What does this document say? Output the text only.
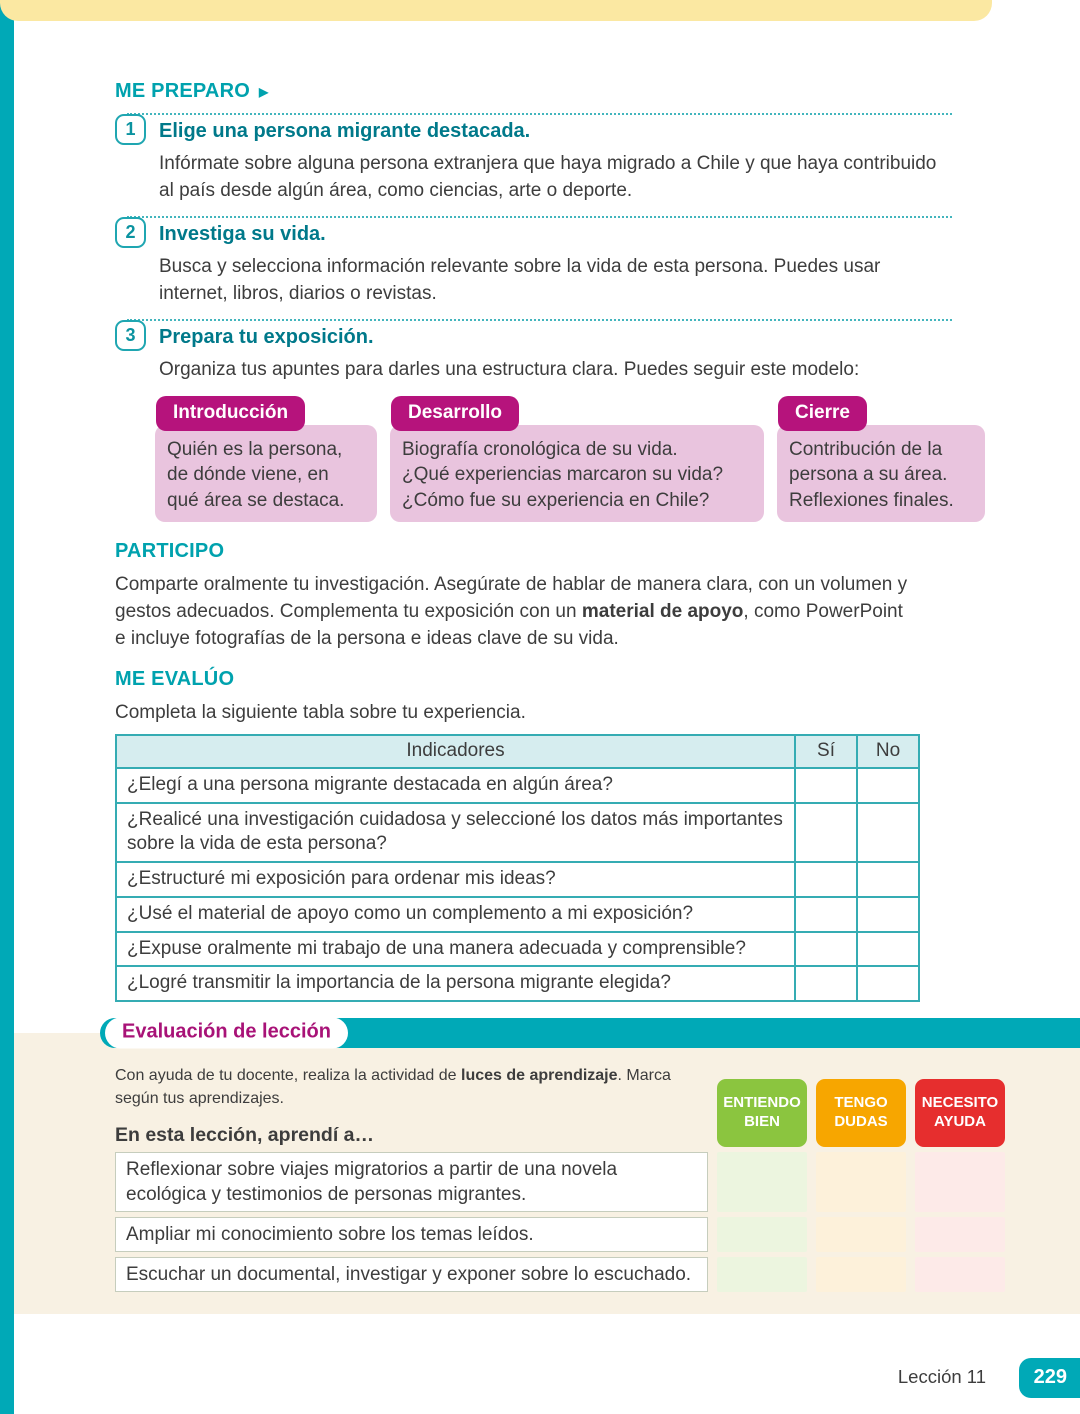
ME PREPARO ▶
1	Elige una persona migrante destacada.
Infórmate sobre alguna persona extranjera que haya migrado a Chile y que haya contribuido al país desde algún área, como ciencias, arte o deporte.
2	Investiga su vida.
Busca y selecciona información relevante sobre la vida de esta persona. Puedes usar internet, libros, diarios o revistas.
3	Prepara tu exposición.
Organiza tus apuntes para darles una estructura clara. Puedes seguir este modelo:
Introducción
Quién es la persona, de dónde viene, en qué área se destaca.
Desarrollo
Biografía cronológica de su vida.
¿Qué experiencias marcaron su vida?
¿Cómo fue su experiencia en Chile?
Cierre
Contribución de la persona a su área. Reflexiones finales.
PARTICIPO

Comparte oralmente tu investigación. Asegúrate de hablar de manera clara, con un volumen y gestos adecuados. Complementa tu exposición con un material de apoyo, como PowerPoint e incluye fotografías de la persona e ideas clave de su vida.

ME EVALÚO

Completa la siguiente tabla sobre tu experiencia.

Indicadores	Sí	No
¿Elegí a una persona migrante destacada en algún área?		
¿Realicé una investigación cuidadosa y seleccioné los datos más importantes sobre la vida de esta persona?		
¿Estructuré mi exposición para ordenar mis ideas?		
¿Usé el material de apoyo como un complemento a mi exposición?		
¿Expuse oralmente mi trabajo de una manera adecuada y comprensible?		
¿Logré transmitir la importancia de la persona migrante elegida?		
Evaluación de lección

Con ayuda de tu docente, realiza la actividad de luces de aprendizaje. Marca según tus aprendizajes.

En esta lección, aprendí a…

ENTIENDO BIEN
TENGO DUDAS
NECESITO AYUDA
Reflexionar sobre viajes migratorios a partir de una novela ecológica y testimonios de personas migrantes.
Ampliar mi conocimiento sobre los temas leídos.
Escuchar un documental, investigar y exponer sobre lo escuchado.
Lección 11	229
